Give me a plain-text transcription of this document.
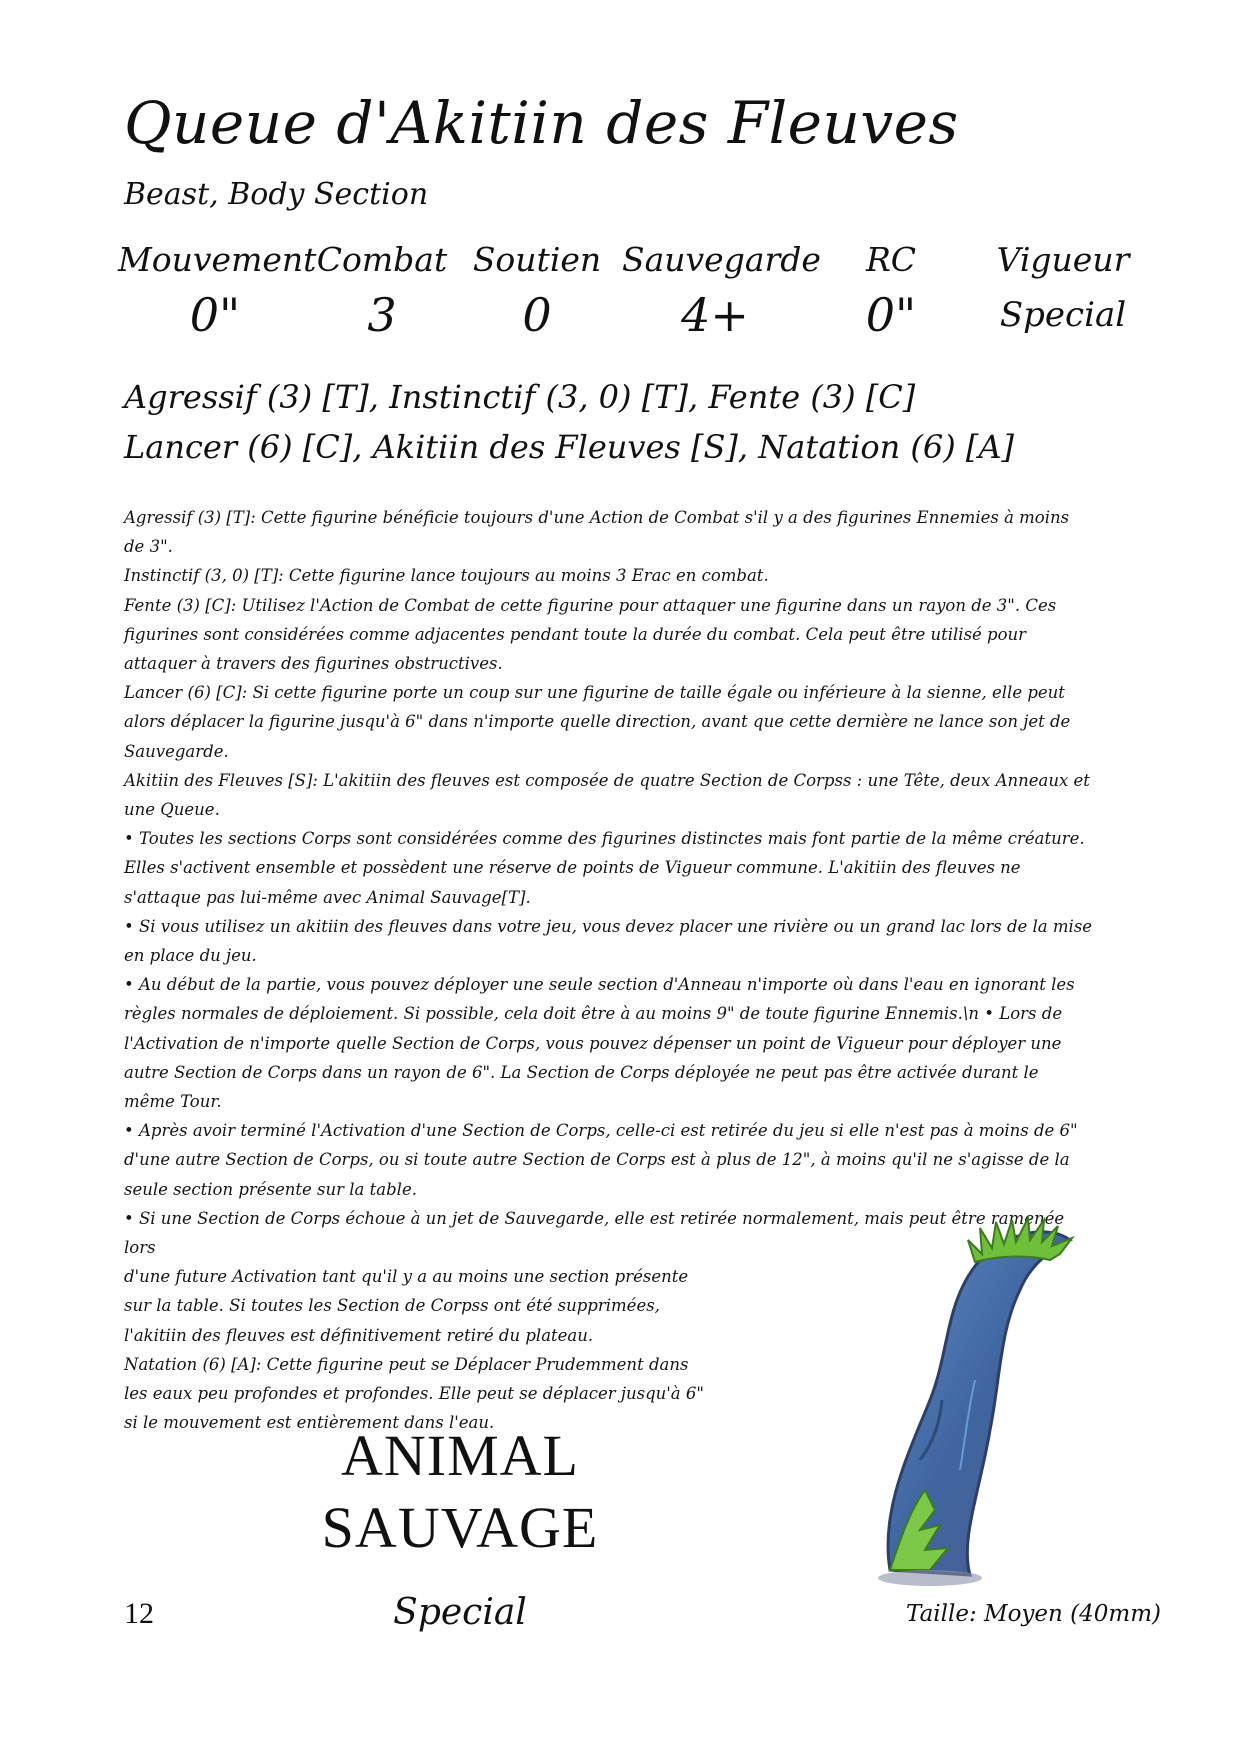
Queue d'Akitiin des Fleuves
Beast, Body Section
Mouvement
0"
Combat
3
Soutien
0
Sauvegarde
4+
RC
0"
Vigueur
Special
Agressif (3) [T], Instinctif (3, 0) [T], Fente (3) [C]
Lancer (6) [C], Akitiin des Fleuves [S], Natation (6) [A]

Agressif (3) [T]: Cette figurine bénéficie toujours d'une Action de Combat s'il y a des figurines Ennemies à moins de 3".

Instinctif (3, 0) [T]: Cette figurine lance toujours au moins 3 Erac en combat.

Fente (3) [C]: Utilisez l'Action de Combat de cette figurine pour attaquer une figurine dans un rayon de 3". Ces figurines sont considérées comme adjacentes pendant toute la durée du combat. Cela peut être utilisé pour attaquer à travers des figurines obstructives.

Lancer (6) [C]: Si cette figurine porte un coup sur une figurine de taille égale ou inférieure à la sienne, elle peut alors déplacer la figurine jusqu'à 6" dans n'importe quelle direction, avant que cette dernière ne lance son jet de Sauvegarde.

Akitiin des Fleuves [S]: L'akitiin des fleuves est composée de quatre Section de Corpss : une Tête, deux Anneaux et une Queue.

• Toutes les sections Corps sont considérées comme des figurines distinctes mais font partie de la même créature. Elles s'activent ensemble et possèdent une réserve de points de Vigueur commune. L'akitiin des fleuves ne s'attaque pas lui-même avec Animal Sauvage[T].

• Si vous utilisez un akitiin des fleuves dans votre jeu, vous devez placer une rivière ou un grand lac lors de la mise en place du jeu.

• Au début de la partie, vous pouvez déployer une seule section d'Anneau n'importe où dans l'eau en ignorant les règles normales de déploiement. Si possible, cela doit être à au moins 9" de toute figurine Ennemis.\n • Lors de l'Activation de n'importe quelle Section de Corps, vous pouvez dépenser un point de Vigueur pour déployer une autre Section de Corps dans un rayon de 6". La Section de Corps déployée ne peut pas être activée durant le même Tour.

• Après avoir terminé l'Activation d'une Section de Corps, celle-ci est retirée du jeu si elle n'est pas à moins de 6" d'une autre Section de Corps, ou si toute autre Section de Corps est à plus de 12", à moins qu'il ne s'agisse de la seule section présente sur la table.

• Si une Section de Corps échoue à un jet de Sauvegarde, elle est retirée normalement, mais peut être ramenée lors

d'une future Activation tant qu'il y a au moins une section présente sur la table. Si toutes les Section de Corpss ont été supprimées, l'akitiin des fleuves est définitivement retiré du plateau.

Natation (6) [A]: Cette figurine peut se Déplacer Prudemment dans les eaux peu profondes et profondes. Elle peut se déplacer jusqu'à 6" si le mouvement est entièrement dans l'eau.

ANIMAL
SAUVAGE
Special
12	Taille: Moyen (40mm)
